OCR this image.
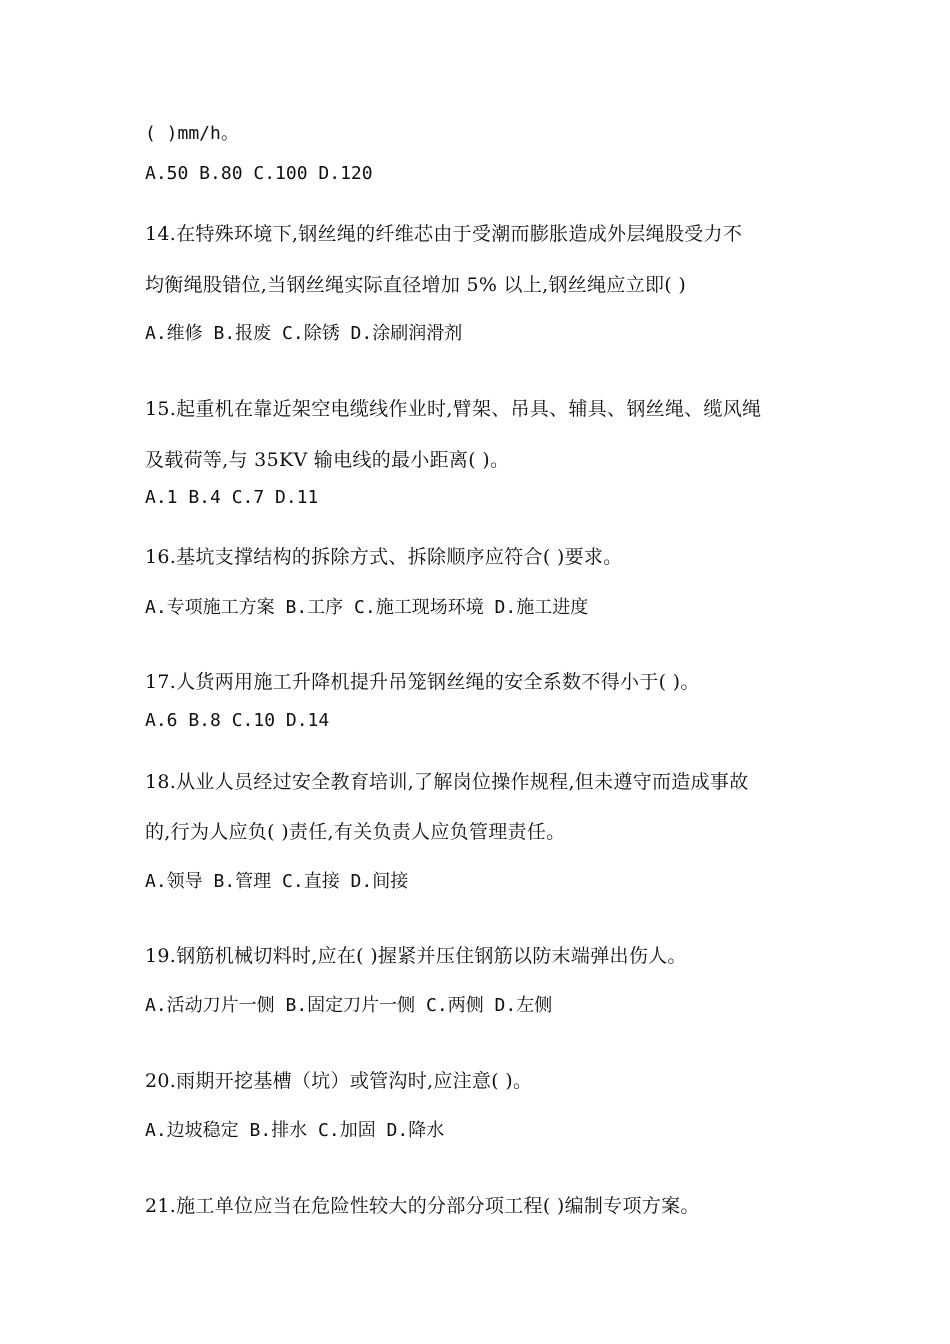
( )mm/h。
A.50 B.80 C.100 D.120
14.在特殊环境下,钢丝绳的纤维芯由于受潮而膨胀造成外层绳股受力不
均衡绳股错位,当钢丝绳实际直径增加 5% 以上,钢丝绳应立即( )
A.维修 B.报废 C.除锈 D.涂刷润滑剂
15.起重机在靠近架空电缆线作业时,臂架、吊具、辅具、钢丝绳、缆风绳
及载荷等,与 35KV 输电线的最小距离( )。
A.1 B.4 C.7 D.11
16.基坑支撑结构的拆除方式、拆除顺序应符合( )要求。
A.专项施工方案 B.工序 C.施工现场环境 D.施工进度
17.人货两用施工升降机提升吊笼钢丝绳的安全系数不得小于( )。
A.6 B.8 C.10 D.14
18.从业人员经过安全教育培训,了解岗位操作规程,但未遵守而造成事故
的,行为人应负( )责任,有关负责人应负管理责任。
A.领导 B.管理 C.直接 D.间接
19.钢筋机械切料时,应在( )握紧并压住钢筋以防末端弹出伤人。
A.活动刀片一侧 B.固定刀片一侧 C.两侧 D.左侧
20.雨期开挖基槽（坑）或管沟时,应注意( )。
A.边坡稳定 B.排水 C.加固 D.降水
21.施工单位应当在危险性较大的分部分项工程( )编制专项方案。
